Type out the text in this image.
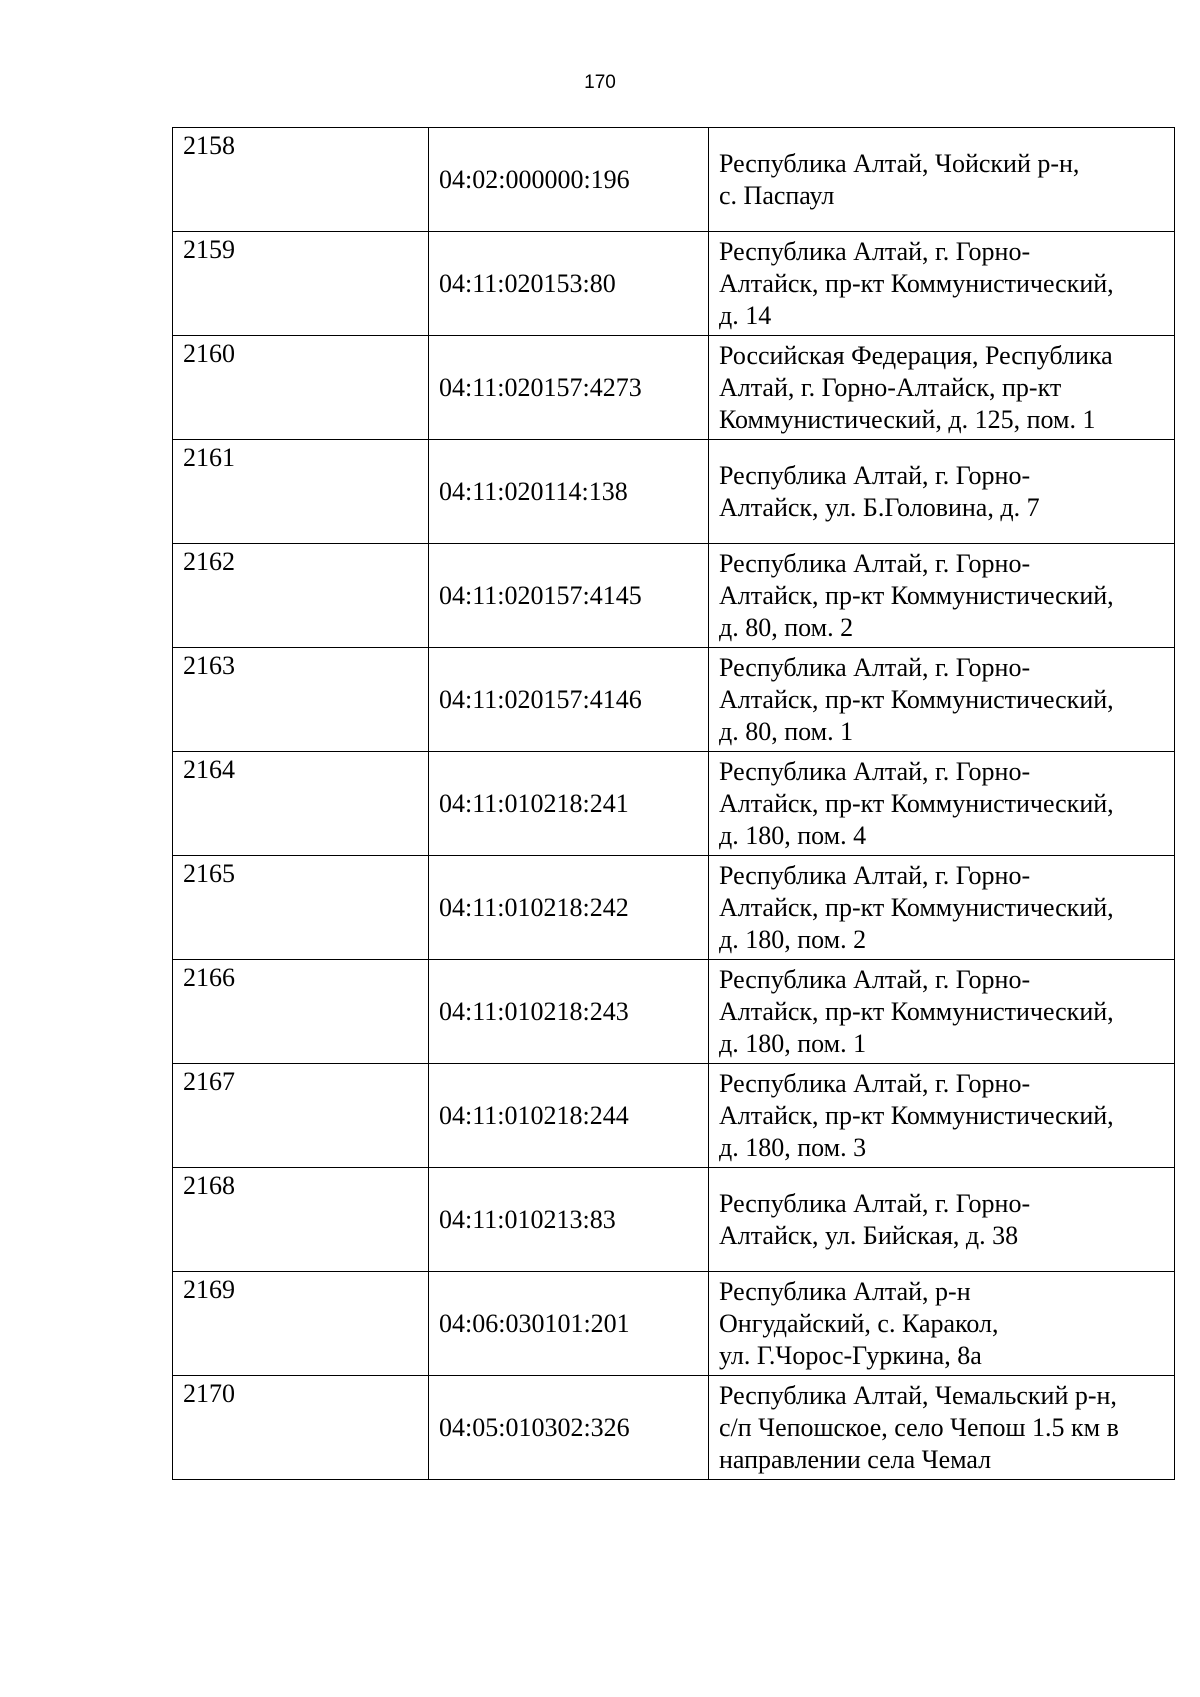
170
2158	04:02:000000:196	Республика Алтай, Чойский р-н,
с. Паспаул

2159	04:11:020153:80	Республика Алтай, г. Горно-
Алтайск, пр-кт Коммунистический,
д. 14

2160	04:11:020157:4273	Российская Федерация, Республика
Алтай, г. Горно-Алтайск, пр-кт
Коммунистический, д. 125, пом. 1

2161	04:11:020114:138	Республика Алтай, г. Горно-
Алтайск, ул. Б.Головина, д. 7

2162	04:11:020157:4145	Республика Алтай, г. Горно-
Алтайск, пр-кт Коммунистический,
д. 80, пом. 2

2163	04:11:020157:4146	Республика Алтай, г. Горно-
Алтайск, пр-кт Коммунистический,
д. 80, пом. 1

2164	04:11:010218:241	Республика Алтай, г. Горно-
Алтайск, пр-кт Коммунистический,
д. 180, пом. 4

2165	04:11:010218:242	Республика Алтай, г. Горно-
Алтайск, пр-кт Коммунистический,
д. 180, пом. 2

2166	04:11:010218:243	Республика Алтай, г. Горно-
Алтайск, пр-кт Коммунистический,
д. 180, пом. 1

2167	04:11:010218:244	Республика Алтай, г. Горно-
Алтайск, пр-кт Коммунистический,
д. 180, пом. 3

2168	04:11:010213:83	Республика Алтай, г. Горно-
Алтайск, ул. Бийская, д. 38

2169	04:06:030101:201	Республика Алтай, р-н
Онгудайский, с. Каракол,
ул. Г.Чорос-Гуркина, 8а

2170	04:05:010302:326	Республика Алтай, Чемальский р-н,
с/п Чепошское, село Чепош 1.5 км в
направлении села Чемал
